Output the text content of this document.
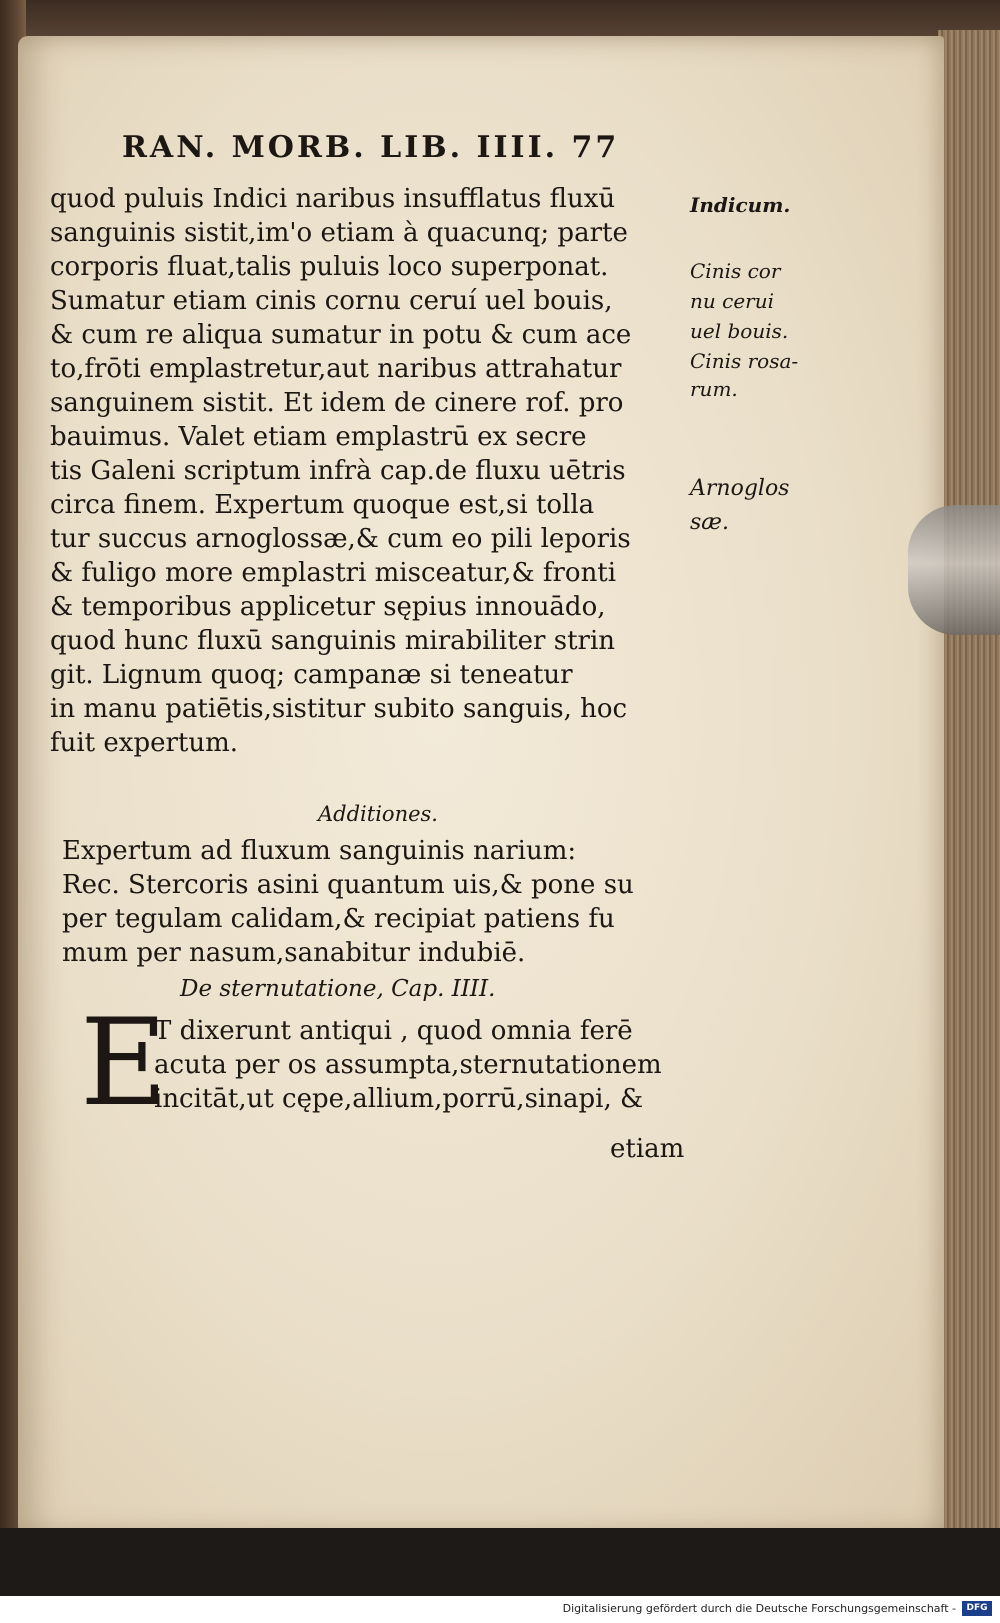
RAN. MORB. LIB. IIII. 77

quod puluis Indici naribus insufflatus fluxū

sanguinis sistit,im'o etiam à quacunq; parte

corporis fluat,talis puluis loco superponat.

Sumatur etiam cinis cornu ceruí uel bouis,

& cum re aliqua sumatur in potu & cum ace

to,frōti emplastretur,aut naribus attrahatur

sanguinem sistit. Et idem de cinere rof. pro

bauimus. Valet etiam emplastrū ex secre

tis Galeni scriptum infrà cap.de fluxu uētris

circa finem. Expertum quoque est,si tolla

tur succus arnoglossæ,& cum eo pili leporis

& fuligo more emplastri misceatur,& fronti

& temporibus applicetur sępius innouādo,

quod hunc fluxū sanguinis mirabiliter strin

git. Lignum quoq; campanæ si teneatur

in manu patiētis,sistitur subito sanguis, hoc

fuit expertum.

Additiones.

Expertum ad fluxum sanguinis narium:

Rec. Stercoris asini quantum uis,& pone su

per tegulam calidam,& recipiat patiens fu

mum per nasum,sanabitur indubiē.

De sternutatione, Cap. IIII.
E

T dixerunt antiqui , quod omnia ferē

acuta per os assumpta,sternutationem

incitāt,ut cępe,allium,porrū,sinapi, &

etiam

Indicum.

Cinis cor

nu cerui

uel bouis.

Cinis rosa-

rum.

Arnoglos

sæ.

Digitalisierung gefördert durch die Deutsche Forschungsgemeinschaft -	DFG
